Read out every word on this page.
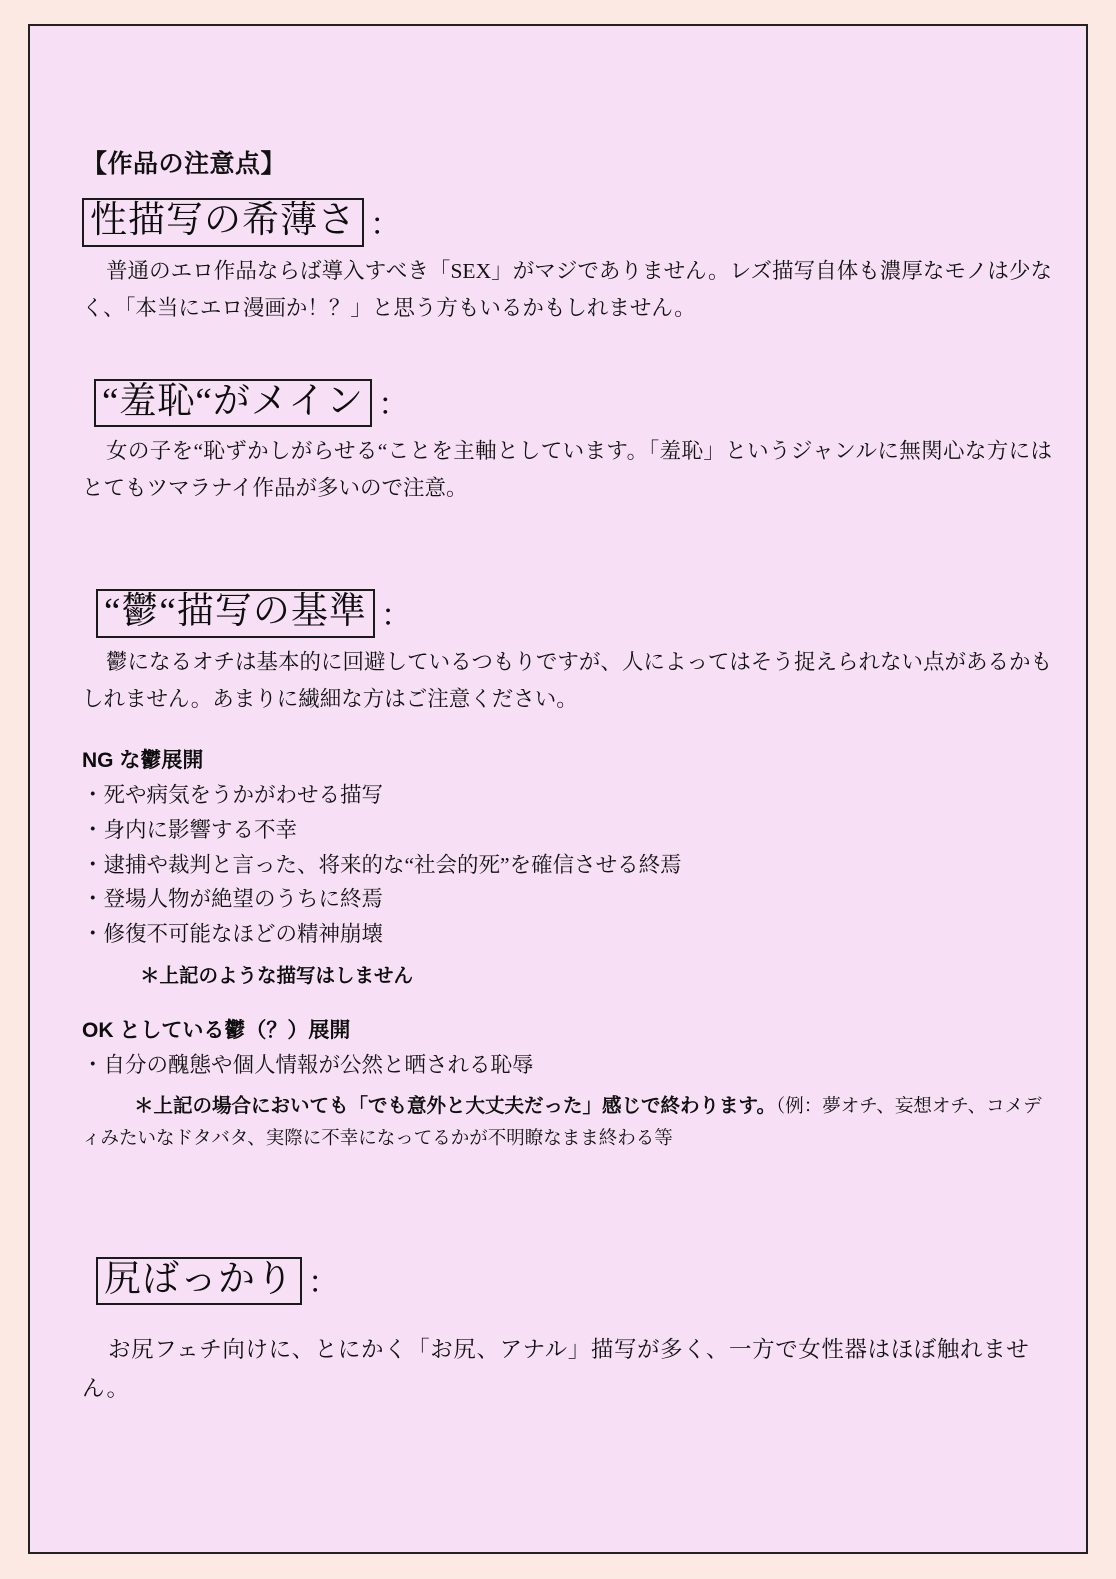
【作品の注意点】
性描写の希薄さ ：

普通のエロ作品ならば導入すべき「SEX」がマジでありません。レズ描写自体も濃厚なモノは少なく、「本当にエロ漫画か！？」と思う方もいるかもしれません。

“羞恥“がメイン ：

女の子を“恥ずかしがらせる“ことを主軸としています。「羞恥」というジャンルに無関心な方にはとてもツマラナイ作品が多いので注意。

“鬱“描写の基準 ：

鬱になるオチは基本的に回避しているつもりですが、人によってはそう捉えられない点があるかもしれません。あまりに繊細な方はご注意ください。

NG な鬱展開
・死や病気をうかがわせる描写
・身内に影響する不幸
・逮捕や裁判と言った、将来的な“社会的死”を確信させる終焉
・登場人物が絶望のうちに終焉
・修復不可能なほどの精神崩壊
＊上記のような描写はしません
OK としている鬱（？）展開
・自分の醜態や個人情報が公然と晒される恥辱

＊上記の場合においても「でも意外と大丈夫だった」感じで終わります。（例：夢オチ、妄想オチ、コメディみたいなドタバタ、実際に不幸になってるかが不明瞭なまま終わる等

尻ばっかり ：

お尻フェチ向けに、とにかく「お尻、アナル」描写が多く、一方で女性器はほぼ触れません。
